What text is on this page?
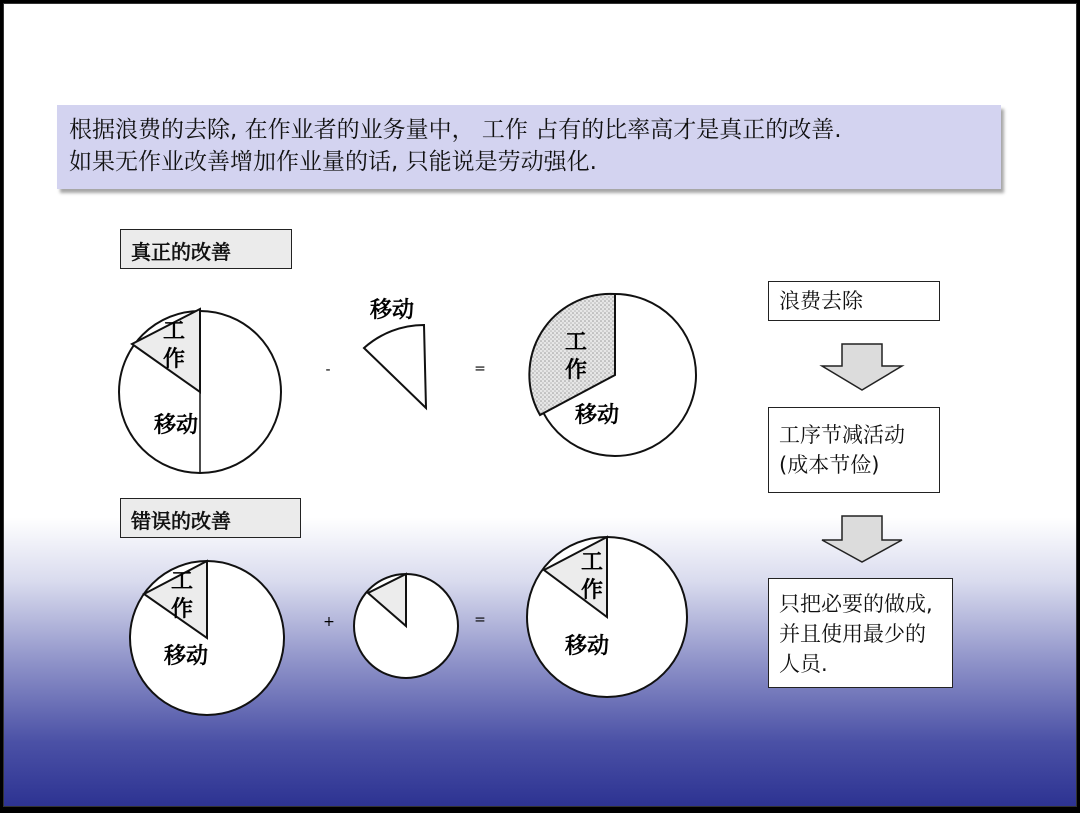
根据浪费的去除, 在作业者的业务量中， 工作 占有的比率高才是真正的改善.
如果无作业改善增加作业量的话, 只能说是劳动强化.
真正的改善
错误的改善
浪费去除
工序节减活动
(成本节俭)
只把必要的做成,
并且使用最少的
人员.
工
作
移动
-
移动
=
工
作
移动
工
作
移动
+	=
工
作
移动
